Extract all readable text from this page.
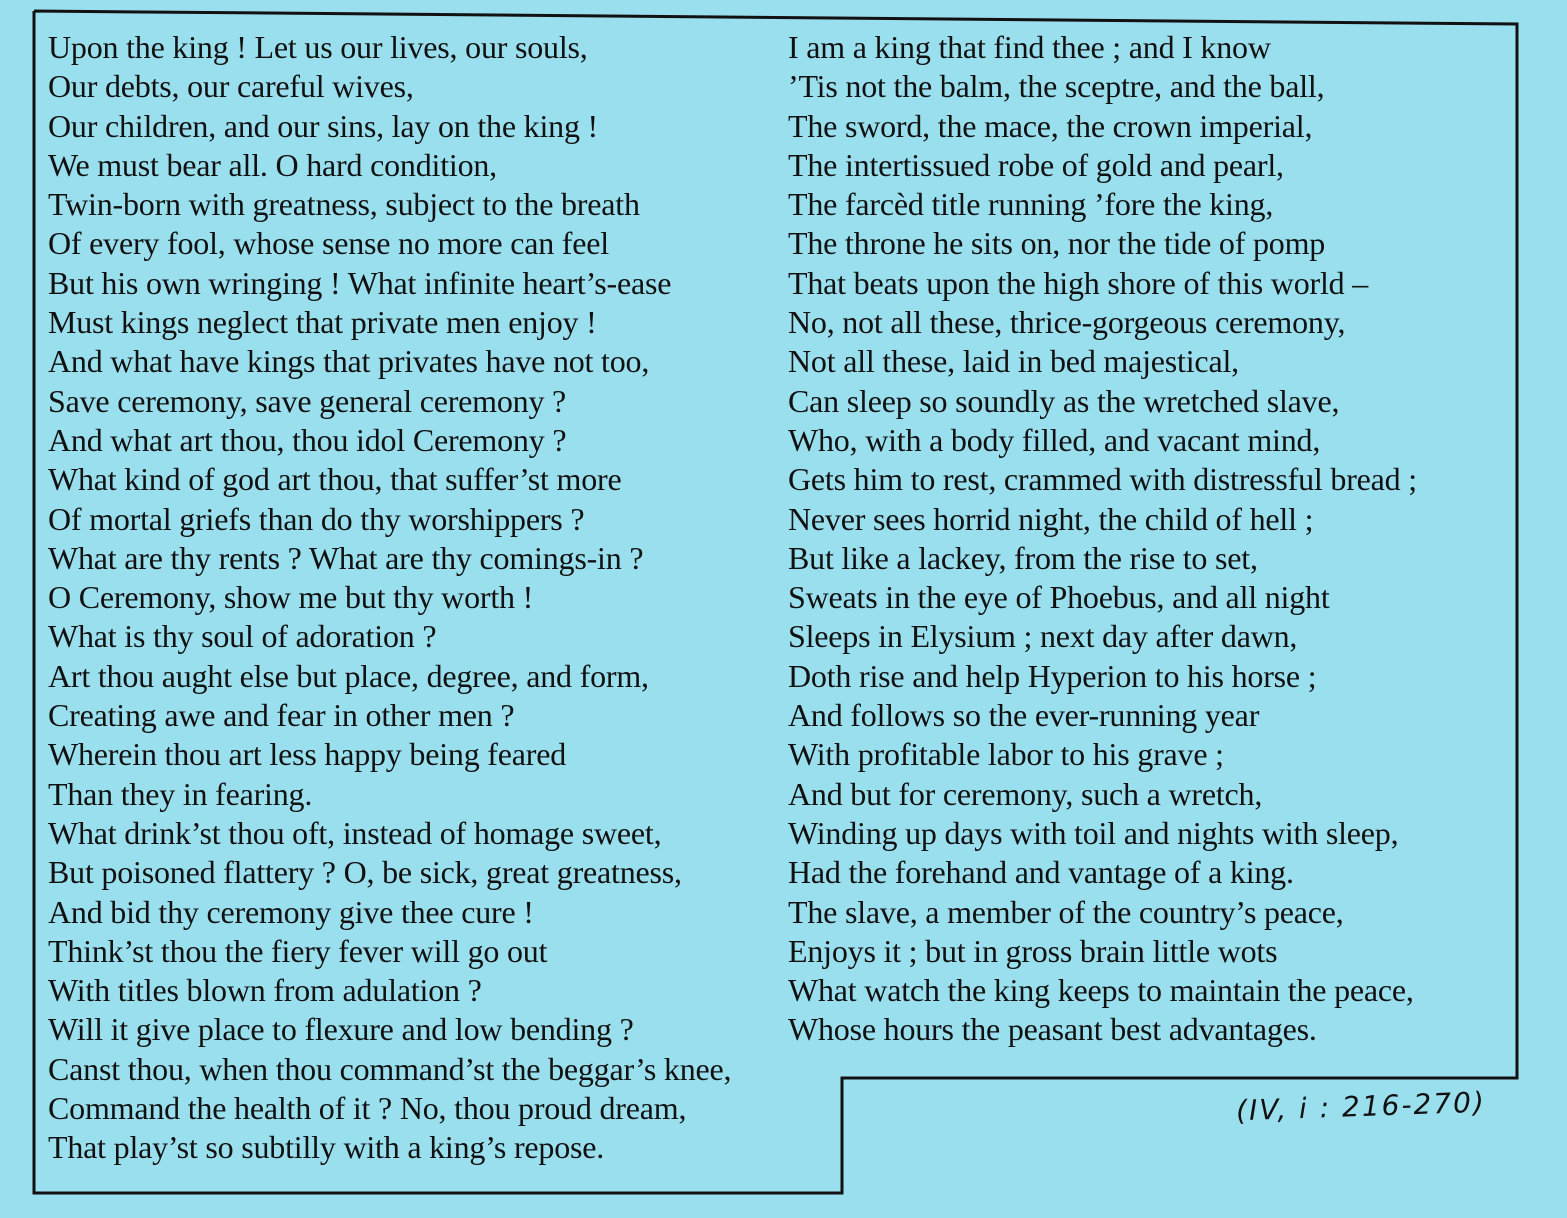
Upon the king ! Let us our lives, our souls,
Our debts, our careful wives,
Our children, and our sins, lay on the king !
We must bear all. O hard condition,
Twin-born with greatness, subject to the breath
Of every fool, whose sense no more can feel
But his own wringing ! What infinite heart’s-ease
Must kings neglect that private men enjoy !
And what have kings that privates have not too,
Save ceremony, save general ceremony ?
And what art thou, thou idol Ceremony ?
What kind of god art thou, that suffer’st more
Of mortal griefs than do thy worshippers ?
What are thy rents ? What are thy comings-in ?
O Ceremony, show me but thy worth !
What is thy soul of adoration ?
Art thou aught else but place, degree, and form,
Creating awe and fear in other men ?
Wherein thou art less happy being feared
Than they in fearing.
What drink’st thou oft, instead of homage sweet,
But poisoned flattery ? O, be sick, great greatness,
And bid thy ceremony give thee cure !
Think’st thou the fiery fever will go out
With titles blown from adulation ?
Will it give place to flexure and low bending ?
Canst thou, when thou command’st the beggar’s knee,
Command the health of it ? No, thou proud dream,
That play’st so subtilly with a king’s repose.
I am a king that find thee ; and I know
’Tis not the balm, the sceptre, and the ball,
The sword, the mace, the crown imperial,
The intertissued robe of gold and pearl,
The farcèd title running ’fore the king,
The throne he sits on, nor the tide of pomp
That beats upon the high shore of this world –
No, not all these, thrice-gorgeous ceremony,
Not all these, laid in bed majestical,
Can sleep so soundly as the wretched slave,
Who, with a body filled, and vacant mind,
Gets him to rest, crammed with distressful bread ;
Never sees horrid night, the child of hell ;
But like a lackey, from the rise to set,
Sweats in the eye of Phoebus, and all night
Sleeps in Elysium ; next day after dawn,
Doth rise and help Hyperion to his horse ;
And follows so the ever-running year
With profitable labor to his grave ;
And but for ceremony, such a wretch,
Winding up days with toil and nights with sleep,
Had the forehand and vantage of a king.
The slave, a member of the country’s peace,
Enjoys it ; but in gross brain little wots
What watch the king keeps to maintain the peace,
Whose hours the peasant best advantages.
(IV, i : 216-270)
